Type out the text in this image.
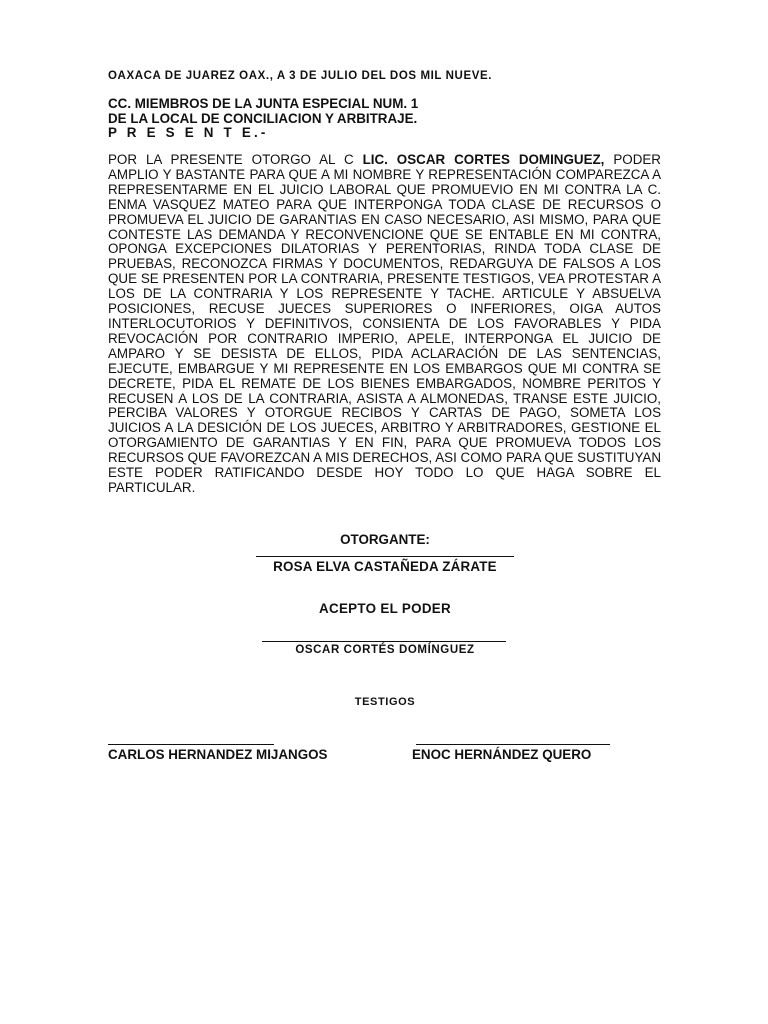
OAXACA DE JUAREZ OAX., A 3 DE JULIO DEL DOS MIL NUEVE.
CC. MIEMBROS DE LA JUNTA ESPECIAL NUM. 1
DE LA LOCAL DE CONCILIACION Y ARBITRAJE.
P R E S E N T E.-

POR LA PRESENTE OTORGO AL C LIC. OSCAR CORTES DOMINGUEZ, PODER AMPLIO Y BASTANTE PARA QUE A MI NOMBRE Y REPRESENTACIÓN COMPAREZCA A REPRESENTARME EN EL JUICIO LABORAL QUE PROMUEVIO EN MI CONTRA LA C. ENMA VASQUEZ MATEO PARA QUE INTERPONGA TODA CLASE DE RECURSOS O PROMUEVA EL JUICIO DE GARANTIAS EN CASO NECESARIO, ASI MISMO, PARA QUE CONTESTE LAS DEMANDA Y RECONVENCIONE QUE SE ENTABLE EN MI CONTRA, OPONGA EXCEPCIONES DILATORIAS Y PERENTORIAS, RINDA TODA CLASE DE PRUEBAS, RECONOZCA FIRMAS Y DOCUMENTOS, REDARGUYA DE FALSOS A LOS QUE SE PRESENTEN POR LA CONTRARIA, PRESENTE TESTIGOS, VEA PROTESTAR A LOS DE LA CONTRARIA Y LOS REPRESENTE Y TACHE. ARTICULE Y ABSUELVA POSICIONES, RECUSE JUECES SUPERIORES O INFERIORES, OIGA AUTOS INTERLOCUTORIOS Y DEFINITIVOS, CONSIENTA DE LOS FAVORABLES Y PIDA REVOCACIÓN POR CONTRARIO IMPERIO, APELE, INTERPONGA EL JUICIO DE AMPARO Y SE DESISTA DE ELLOS, PIDA ACLARACIÓN DE LAS SENTENCIAS, EJECUTE, EMBARGUE Y MI REPRESENTE EN LOS EMBARGOS QUE MI CONTRA SE DECRETE, PIDA EL REMATE DE LOS BIENES EMBARGADOS, NOMBRE PERITOS Y RECUSEN A LOS DE LA CONTRARIA, ASISTA A ALMONEDAS, TRANSE ESTE JUICIO, PERCIBA VALORES Y OTORGUE RECIBOS Y CARTAS DE PAGO, SOMETA LOS JUICIOS A LA DESICIÓN DE LOS JUECES, ARBITRO Y ARBITRADORES, GESTIONE EL OTORGAMIENTO DE GARANTIAS Y EN FIN, PARA QUE PROMUEVA TODOS LOS RECURSOS QUE FAVOREZCAN A MIS DERECHOS, ASI COMO PARA QUE SUSTITUYAN ESTE PODER RATIFICANDO DESDE HOY TODO LO QUE HAGA SOBRE EL PARTICULAR.

OTORGANTE:
ROSA ELVA CASTAÑEDA ZÁRATE
ACEPTO EL PODER
OSCAR CORTÉS DOMÍNGUEZ
TESTIGOS
CARLOS HERNANDEZ MIJANGOS	ENOC HERNÁNDEZ QUERO
